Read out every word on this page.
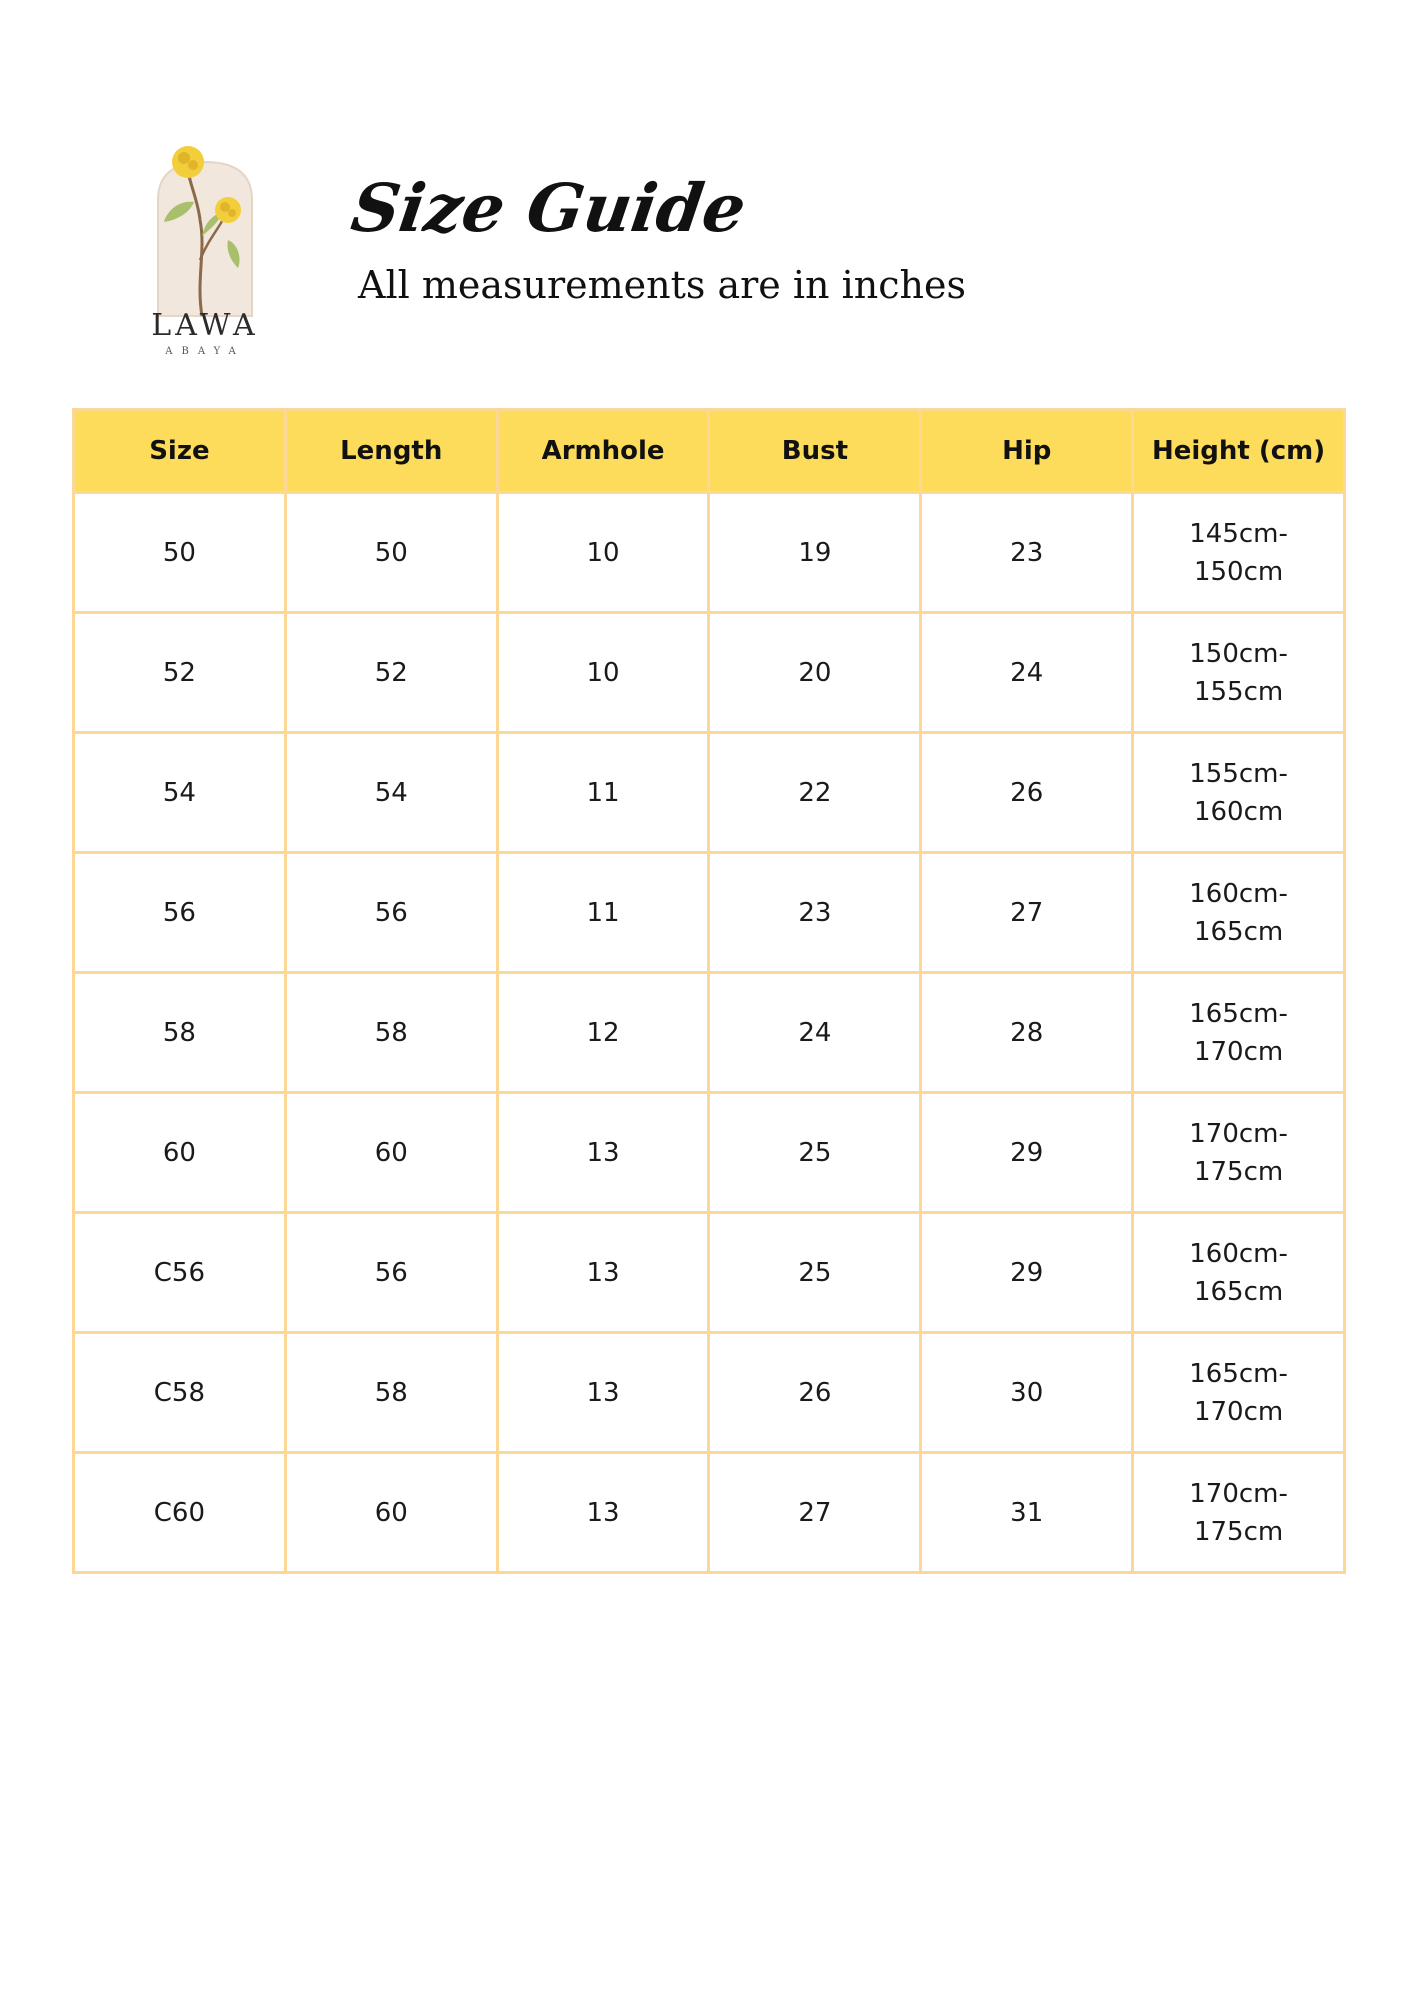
LAWA
ABAYA
Size Guide
All measurements are in inches
Size	Length	Armhole	Bust	Hip	Height (cm)
50	50	10	19	23	145cm-
150cm

52	52	10	20	24	150cm-
155cm

54	54	11	22	26	155cm-
160cm

56	56	11	23	27	160cm-
165cm

58	58	12	24	28	165cm-
170cm

60	60	13	25	29	170cm-
175cm

C56	56	13	25	29	160cm-
165cm

C58	58	13	26	30	165cm-
170cm

C60	60	13	27	31	170cm-
175cm
